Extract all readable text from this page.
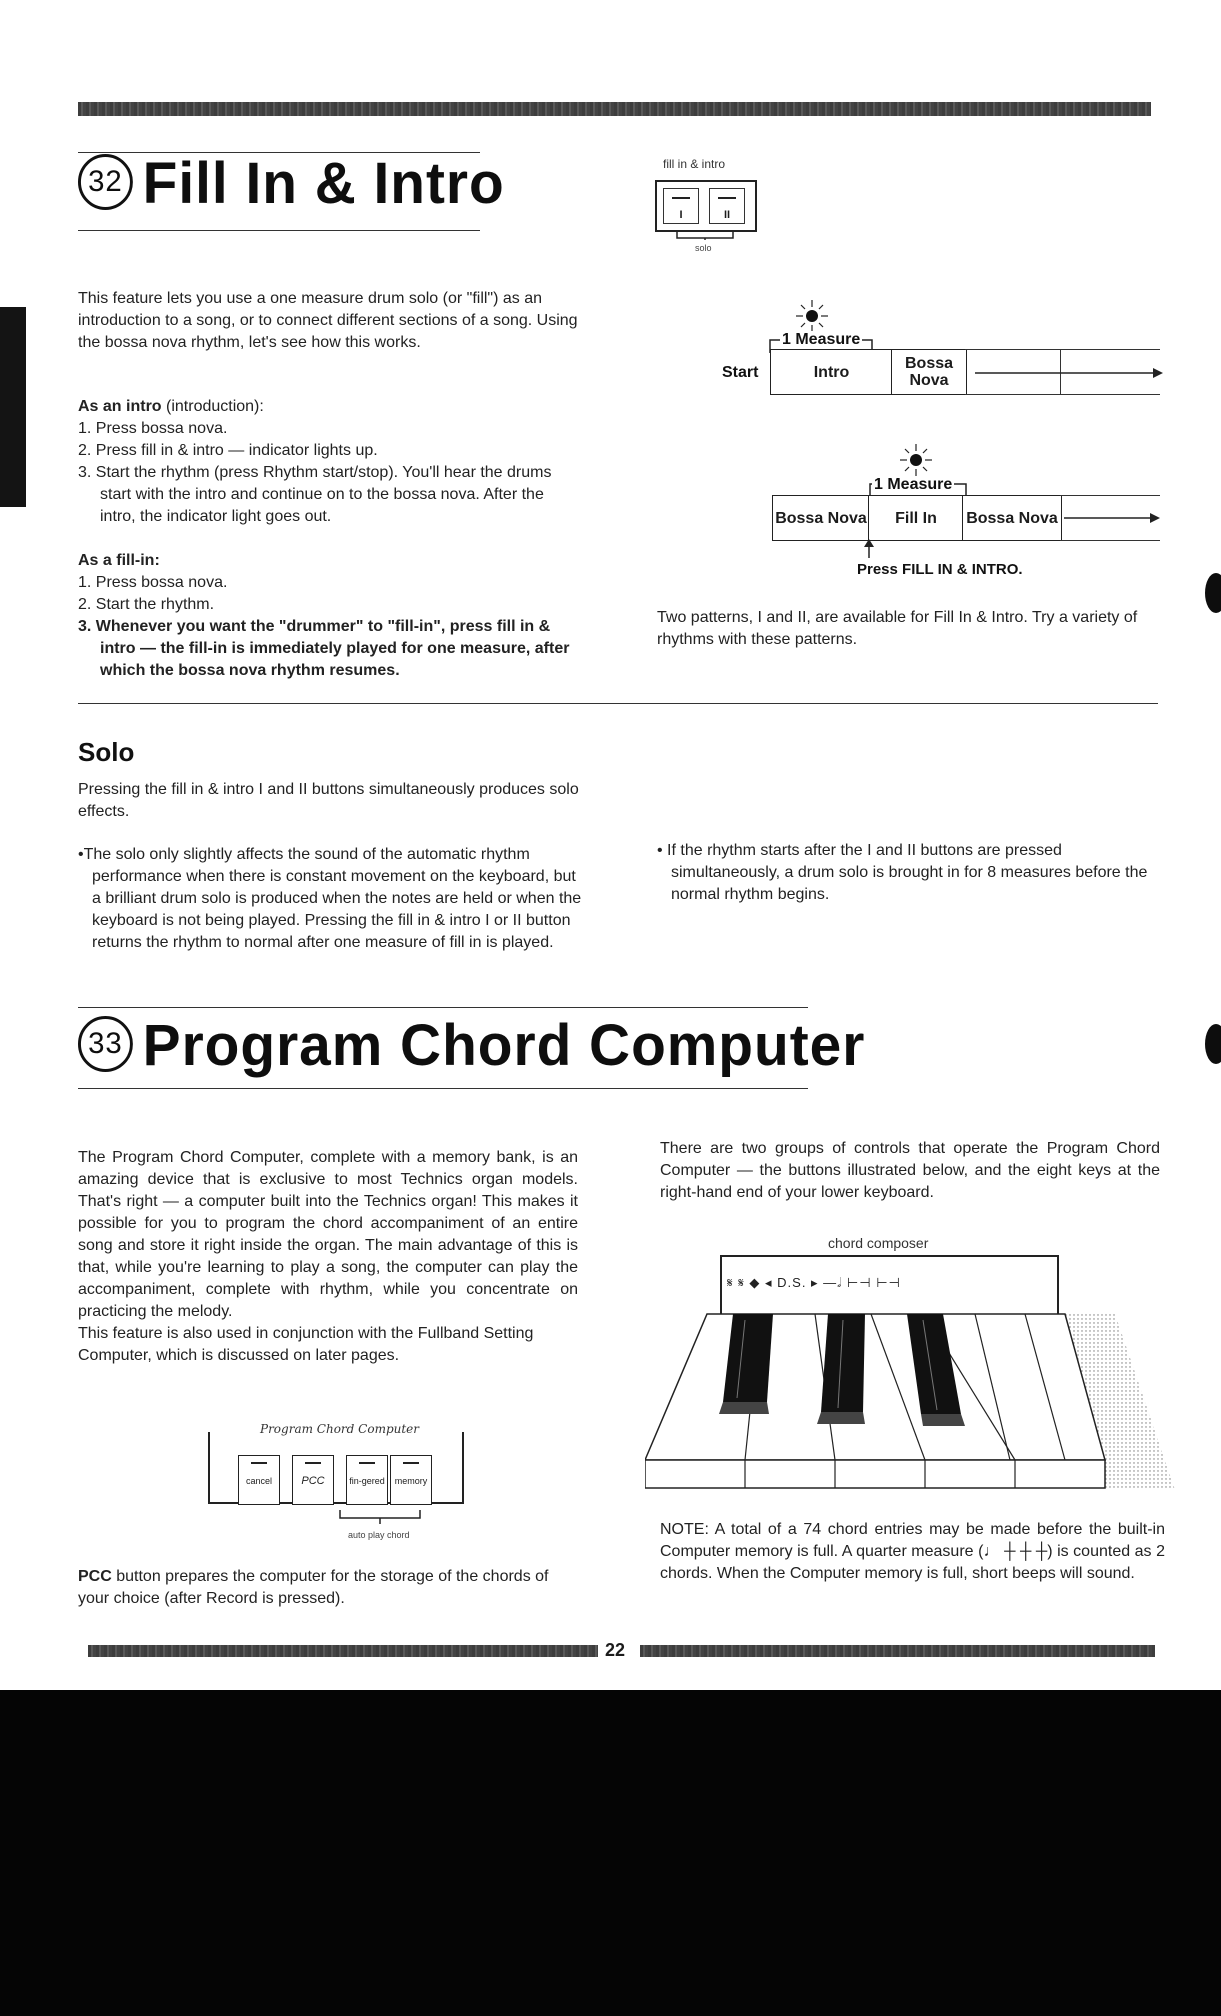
32 Fill In & Intro	fill in & intro
I	II
solo

This feature lets you use a one measure drum solo (or "fill") as an introduction to a song, or to connect different sections of a song. Using the bossa nova rhythm, let's see how this works.

As an intro (introduction):

1. Press bossa nova.

2. Press fill in & intro — indicator lights up.

3. Start the rhythm (press Rhythm start/stop). You'll hear the drums start with the intro and continue on to the bossa nova. After the intro, the indicator light goes out.

As a fill-in:

1. Press bossa nova.

2. Start the rhythm.

3. Whenever you want the "drummer" to "fill-in", press fill in & intro — the fill-in is immediately played for one measure, after which the bossa nova rhythm resumes.

1 Measure
Start	Intro	Bossa Nova
1 Measure
Bossa Nova	Fill In	Bossa Nova
Press FILL IN & INTRO.
Two patterns, I and II, are available for Fill In & Intro. Try a variety of rhythms with these patterns.
Solo
Pressing the fill in & intro I and II buttons simultaneously produces solo effects.

•The solo only slightly affects the sound of the automatic rhythm performance when there is constant movement on the keyboard, but a brilliant drum solo is produced when the notes are held or when the keyboard is not being played. Pressing the fill in & intro I or II button returns the rhythm to normal after one measure of fill in is played.

• If the rhythm starts after the I and II buttons are pressed simultaneously, a drum solo is brought in for 8 measures before the normal rhythm begins.

33 Program Chord Computer

The Program Chord Computer, complete with a memory bank, is an amazing device that is exclusive to most Technics organ models. That's right — a computer built into the Technics organ! This makes it possible for you to program the chord accompaniment of an entire song and store it right inside the organ. The main advantage of this is that, while you're learning to play a song, the computer can play the accompaniment, complete with rhythm, while you concentrate on practicing the melody.

This feature is also used in conjunction with the Fullband Setting Computer, which is discussed on later pages.

Program Chord Computer
cancel	PCC	fin-gered	memory
auto play chord

PCC button prepares the computer for the storage of the chords of your choice (after Record is pressed).

There are two groups of controls that operate the Program Chord Computer — the buttons illustrated below, and the eight keys at the right-hand end of your lower keyboard.
chord composer
𝄋 𝄋 ◆ ◂ D.S. ▸ —𝅗𝅥 ⊢⊣ ⊢⊣
NOTE: A total of a 74 chord entries may be made before the built-in Computer memory is full. A quarter measure (♩ ┼ ┼ ┼) is counted as 2 chords. When the Computer memory is full, short beeps will sound.
22
